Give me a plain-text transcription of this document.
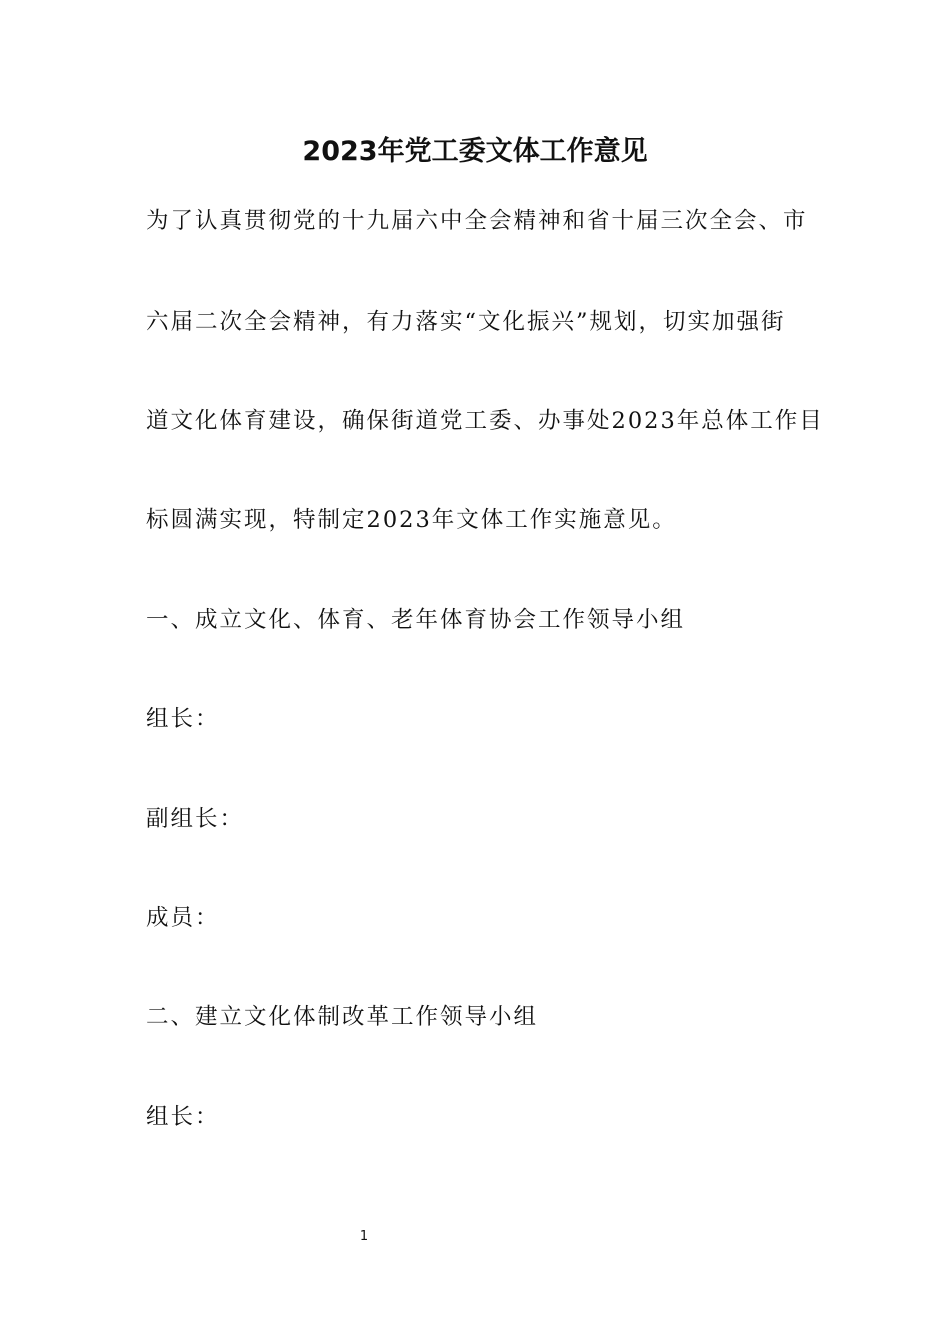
2023年党工委文体工作意见

为了认真贯彻党的十九届六中全会精神和省十届三次全会、市

六届二次全会精神，有力落实“文化振兴”规划，切实加强街

道文化体育建设，确保街道党工委、办事处2023年总体工作目

标圆满实现，特制定2023年文体工作实施意见。

一、成立文化、体育、老年体育协会工作领导小组

组长：

副组长：

成员：

二、建立文化体制改革工作领导小组

组长：

1
